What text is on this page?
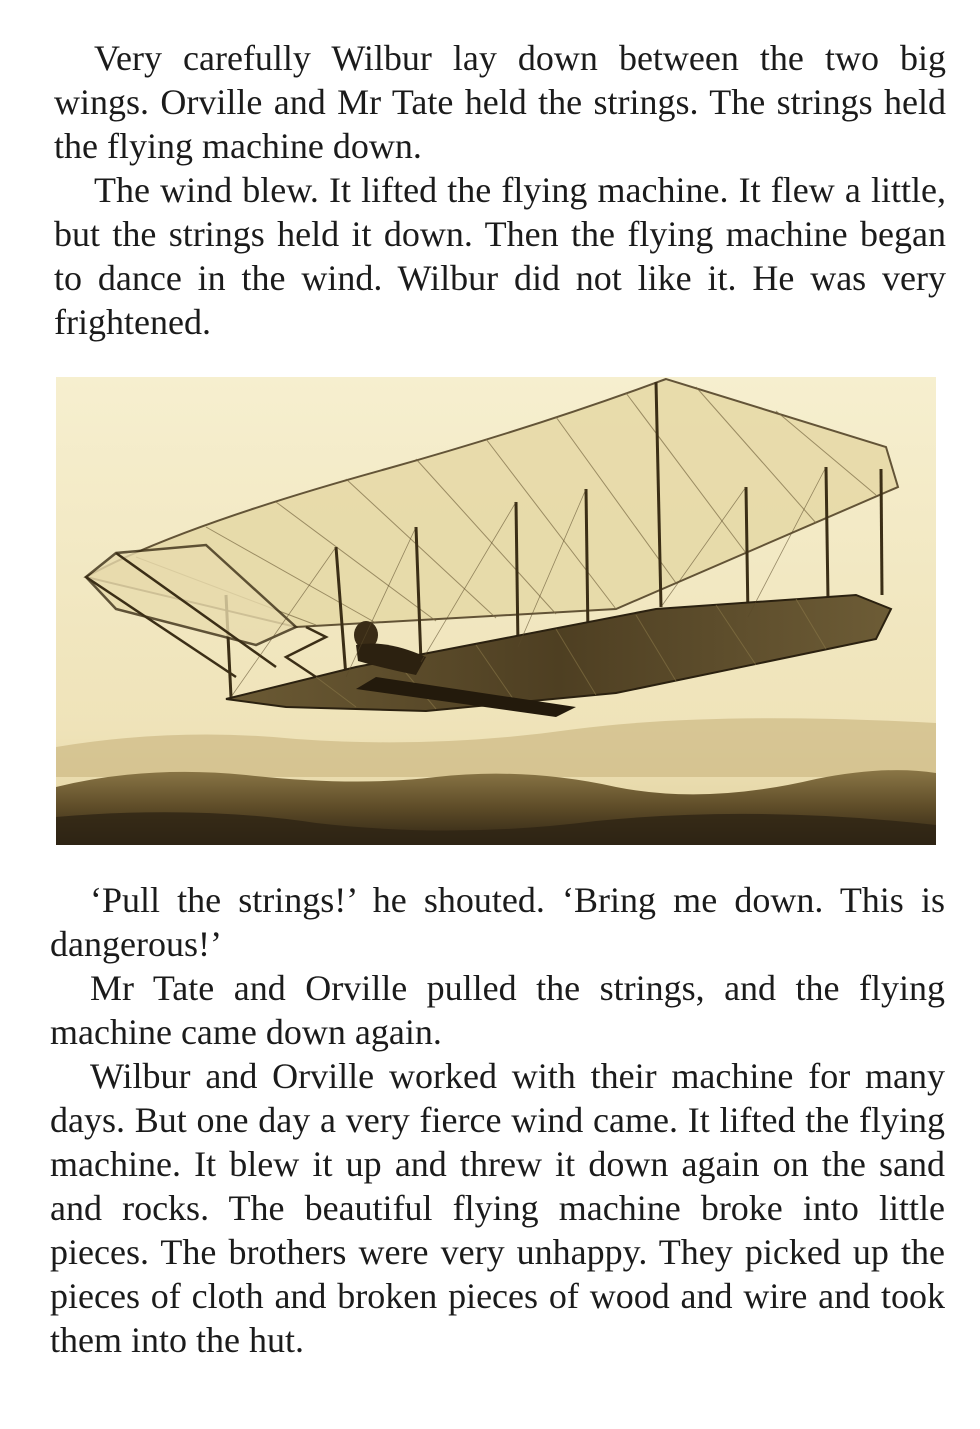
Very carefully Wilbur lay down between the two big wings. Orville and Mr Tate held the strings. The strings held the flying machine down.

The wind blew. It lifted the flying machine. It flew a little, but the strings held it down. Then the flying machine began to dance in the wind. Wilbur did not like it. He was very frightened.

‘Pull the strings!’ he shouted. ‘Bring me down. This is dangerous!’

Mr Tate and Orville pulled the strings, and the flying machine came down again.

Wilbur and Orville worked with their machine for many days. But one day a very fierce wind came. It lifted the flying machine. It blew it up and threw it down again on the sand and rocks. The beautiful flying machine broke into little pieces. The brothers were very unhappy. They picked up the pieces of cloth and broken pieces of wood and wire and took them into the hut.
